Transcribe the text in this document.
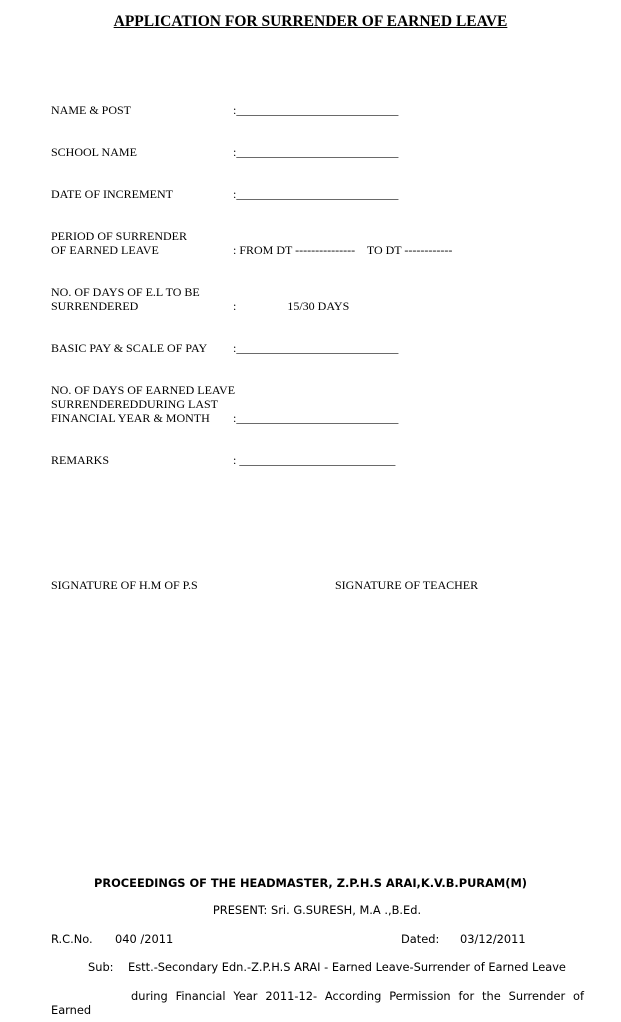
APPLICATION FOR SURRENDER OF EARNED LEAVE
NAME & POST	:___________________________
SCHOOL NAME	:___________________________
DATE OF INCREMENT	:___________________________
PERIOD OF SURRENDER
OF EARNED LEAVE	: FROM DT ---------------    TO DT ------------
NO. OF DAYS OF E.L TO BE
SURRENDERED	:                 15/30 DAYS
BASIC PAY & SCALE OF PAY :___________________________
NO. OF DAYS OF EARNED LEAVE
SURRENDEREDDURING LAST
FINANCIAL YEAR & MONTH :___________________________
REMARKS	: __________________________
SIGNATURE OF H.M OF P.S	SIGNATURE OF TEACHER
PROCEEDINGS OF THE HEADMASTER, Z.P.H.S ARAI,K.V.B.PURAM(M)
PRESENT: Sri. G.SURESH, M.A .,B.Ed.
R.C.No. 040 /2011	Dated: 03/12/2011
Sub: Estt.-Secondary Edn.-Z.P.H.S ARAI - Earned Leave-Surrender of Earned Leave
during Financial Year 2011-12- According Permission for the Surrender of Earned
